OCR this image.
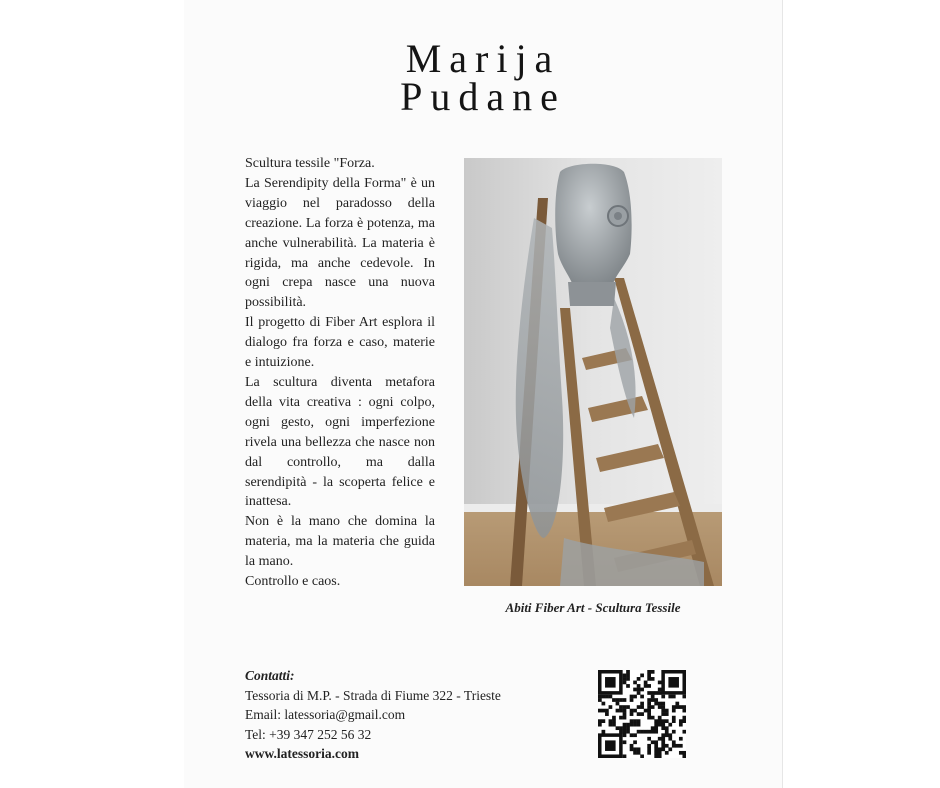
Marija
Pudane

Scultura tessile "Forza.

La Serendipity della Forma" è un viaggio nel paradosso della creazione. La forza è potenza, ma anche vulnerabilità. La materia è rigida, ma anche cedevole. In ogni crepa nasce una nuova possibilità.

Il progetto di Fiber Art esplora il dialogo fra forza e caso, materie e intuizione.

La scultura diventa metafora della vita creativa : ogni colpo, ogni gesto, ogni imperfezione rivela una bellezza che nasce non dal controllo, ma dalla serendipità - la scoperta felice e inattesa.

Non è la mano che domina la materia, ma la materia che guida la mano.

Controllo e caos.

Abiti Fiber Art - Scultura Tessile
Contatti:
Tessoria di M.P. - Strada di Fiume 322 - Trieste
Email: latessoria@gmail.com
Tel: +39 347 252 56 32
www.latessoria.com
